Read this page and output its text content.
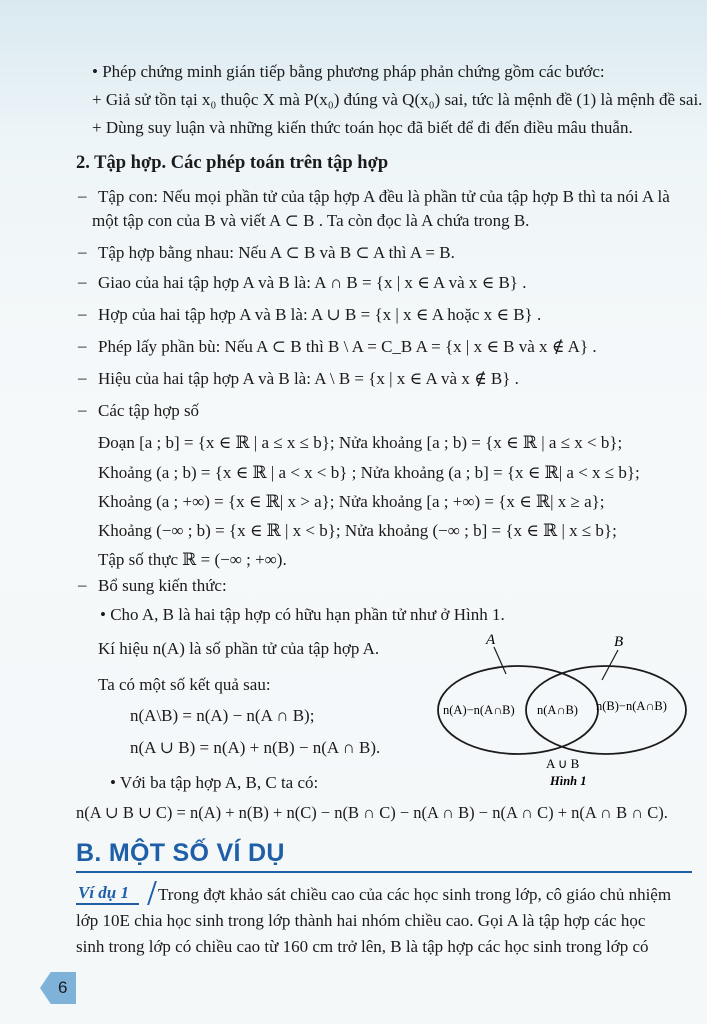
• Phép chứng minh gián tiếp bằng phương pháp phản chứng gồm các bước:
+ Giả sử tồn tại x₀ thuộc X mà P(x₀) đúng và Q(x₀) sai, tức là mệnh đề (1) là mệnh đề sai.
+ Dùng suy luận và những kiến thức toán học đã biết để đi đến điều mâu thuẫn.
2. Tập hợp. Các phép toán trên tập hợp
– Tập con: Nếu mọi phần tử của tập hợp A đều là phần tử của tập hợp B thì ta nói A là
một tập con của B và viết A ⊂ B . Ta còn đọc là A chứa trong B.
– Tập hợp bằng nhau: Nếu A ⊂ B và B ⊂ A thì A = B.
– Giao của hai tập hợp A và B là: A ∩ B = {x | x ∈ A và x ∈ B} .
– Hợp của hai tập hợp A và B là: A ∪ B = {x | x ∈ A hoặc x ∈ B} .
– Phép lấy phần bù: Nếu A ⊂ B thì B \ A = C_B A = {x | x ∈ B và x ∉ A} .
– Hiệu của hai tập hợp A và B là: A \ B = {x | x ∈ A và x ∉ B} .
– Các tập hợp số
Đoạn [a ; b] = {x ∈ ℝ | a ≤ x ≤ b}; Nửa khoảng [a ; b) = {x ∈ ℝ | a ≤ x < b};
Khoảng (a ; b) = {x ∈ ℝ | a < x < b} ; Nửa khoảng (a ; b] = {x ∈ ℝ| a < x ≤ b};
Khoảng (a ; +∞) = {x ∈ ℝ| x > a}; Nửa khoảng [a ; +∞) = {x ∈ ℝ| x ≥ a};
Khoảng (−∞ ; b) = {x ∈ ℝ | x < b}; Nửa khoảng (−∞ ; b] = {x ∈ ℝ | x ≤ b};
Tập số thực ℝ = (−∞ ; +∞).
– Bổ sung kiến thức:
• Cho A, B là hai tập hợp có hữu hạn phần tử như ở Hình 1.
Kí hiệu n(A) là số phần tử của tập hợp A.
Ta có một số kết quả sau:
n(A\B) = n(A) − n(A ∩ B);
n(A ∪ B) = n(A) + n(B) − n(A ∩ B).
• Với ba tập hợp A, B, C ta có:
n(A ∪ B ∪ C) = n(A) + n(B) + n(C) − n(B ∩ C) − n(A ∩ B) − n(A ∩ C) + n(A ∩ B ∩ C).
A	B
n(A)−n(A∩B) n(A∩B) n(B)−n(A∩B)
A ∪ B
Hình 1
B. MỘT SỐ VÍ DỤ
Ví dụ 1	Trong đợt khảo sát chiều cao của các học sinh trong lớp, cô giáo chủ nhiệm
lớp 10E chia học sinh trong lớp thành hai nhóm chiều cao. Gọi A là tập hợp các học
sinh trong lớp có chiều cao từ 160 cm trở lên, B là tập hợp các học sinh trong lớp có
6
